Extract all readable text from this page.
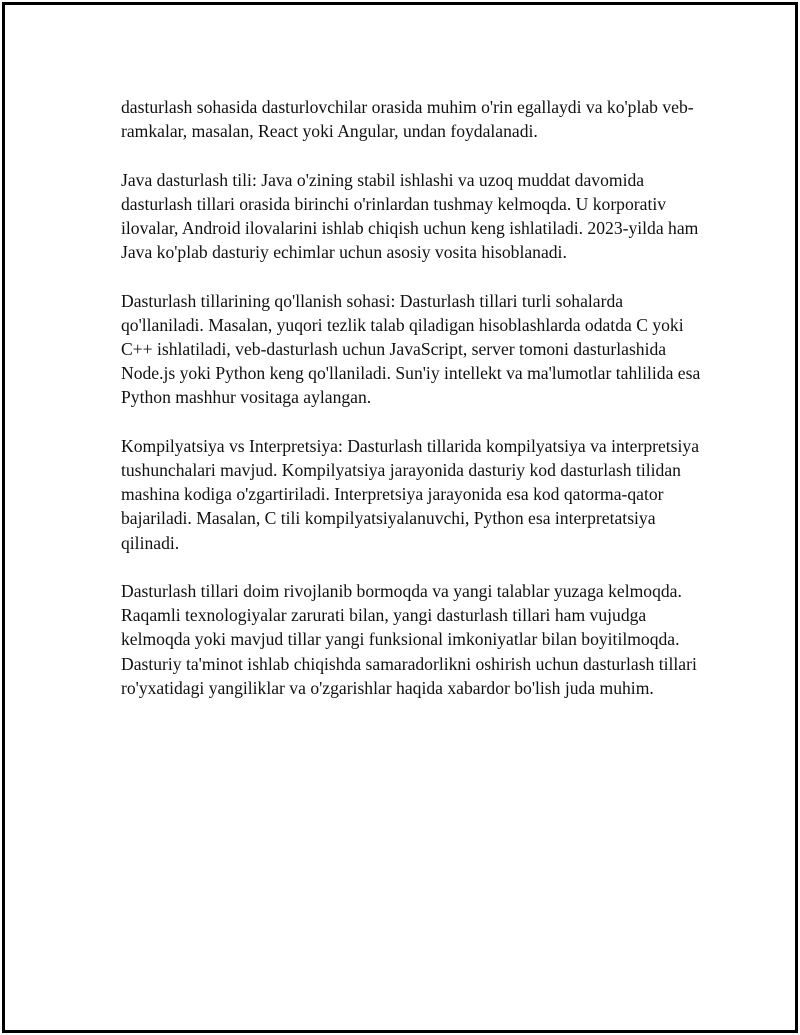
dasturlash sohasida dasturlovchilar orasida muhim o'rin egallaydi va ko'plab veb-ramkalar, masalan, React yoki Angular, undan foydalanadi.

Java dasturlash tili: Java o'zining stabil ishlashi va uzoq muddat davomida dasturlash tillari orasida birinchi o'rinlardan tushmay kelmoqda. U korporativ ilovalar, Android ilovalarini ishlab chiqish uchun keng ishlatiladi. 2023-yilda ham Java ko'plab dasturiy echimlar uchun asosiy vosita hisoblanadi.

Dasturlash tillarining qo'llanish sohasi: Dasturlash tillari turli sohalarda qo'llaniladi. Masalan, yuqori tezlik talab qiladigan hisoblashlarda odatda C yoki C++ ishlatiladi, veb-dasturlash uchun JavaScript, server tomoni dasturlashida Node.js yoki Python keng qo'llaniladi. Sun'iy intellekt va ma'lumotlar tahlilida esa Python mashhur vositaga aylangan.

Kompilyatsiya vs Interpretsiya: Dasturlash tillarida kompilyatsiya va interpretsiya tushunchalari mavjud. Kompilyatsiya jarayonida dasturiy kod dasturlash tilidan mashina kodiga o'zgartiriladi. Interpretsiya jarayonida esa kod qatorma-qator bajariladi. Masalan, C tili kompilyatsiyalanuvchi, Python esa interpretatsiya qilinadi.

Dasturlash tillari doim rivojlanib bormoqda va yangi talablar yuzaga kelmoqda. Raqamli texnologiyalar zarurati bilan, yangi dasturlash tillari ham vujudga kelmoqda yoki mavjud tillar yangi funksional imkoniyatlar bilan boyitilmoqda. Dasturiy ta'minot ishlab chiqishda samaradorlikni oshirish uchun dasturlash tillari ro'yxatidagi yangiliklar va o'zgarishlar haqida xabardor bo'lish juda muhim.
